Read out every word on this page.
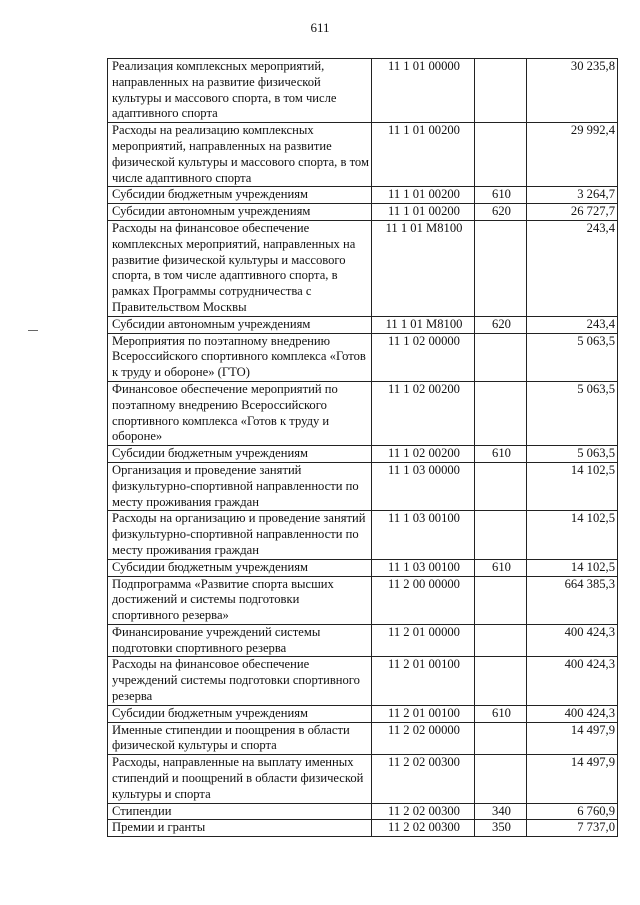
611
Реализация комплексных мероприятий, направленных на развитие физической культуры и массового спорта, в том числе адаптивного спорта	11 1 01 00000		30 235,8
Расходы на реализацию комплексных мероприятий, направленных на развитие физической культуры и массового спорта, в том числе адаптивного спорта	11 1 01 00200		29 992,4
Субсидии бюджетным учреждениям	11 1 01 00200	610	3 264,7
Субсидии автономным учреждениям	11 1 01 00200	620	26 727,7
Расходы на финансовое обеспечение комплексных мероприятий, направленных на развитие физической культуры и массового спорта, в том числе адаптивного спорта, в рамках Программы сотрудничества с Правительством Москвы	11 1 01 М8100		243,4
Субсидии автономным учреждениям	11 1 01 М8100	620	243,4
Мероприятия по поэтапному внедрению Всероссийского спортивного комплекса «Готов к труду и обороне» (ГТО)	11 1 02 00000		5 063,5
Финансовое обеспечение мероприятий по поэтапному внедрению Всероссийского спортивного комплекса «Готов к труду и обороне»	11 1 02 00200		5 063,5
Субсидии бюджетным учреждениям	11 1 02 00200	610	5 063,5
Организация и проведение занятий физкультурно-спортивной направленности по месту проживания граждан	11 1 03 00000		14 102,5
Расходы на организацию и проведение занятий физкультурно-спортивной направленности по месту проживания граждан	11 1 03 00100		14 102,5
Субсидии бюджетным учреждениям	11 1 03 00100	610	14 102,5
Подпрограмма «Развитие спорта высших достижений и системы подготовки спортивного резерва»	11 2 00 00000		664 385,3
Финансирование учреждений системы подготовки спортивного резерва	11 2 01 00000		400 424,3
Расходы на финансовое обеспечение учреждений системы подготовки спортивного резерва	11 2 01 00100		400 424,3
Субсидии бюджетным учреждениям	11 2 01 00100	610	400 424,3
Именные стипендии и поощрения в области физической культуры и спорта	11 2 02 00000		14 497,9
Расходы, направленные на выплату именных стипендий и поощрений в области физической культуры и спорта	11 2 02 00300		14 497,9
Стипендии	11 2 02 00300	340	6 760,9
Премии и гранты	11 2 02 00300	350	7 737,0
